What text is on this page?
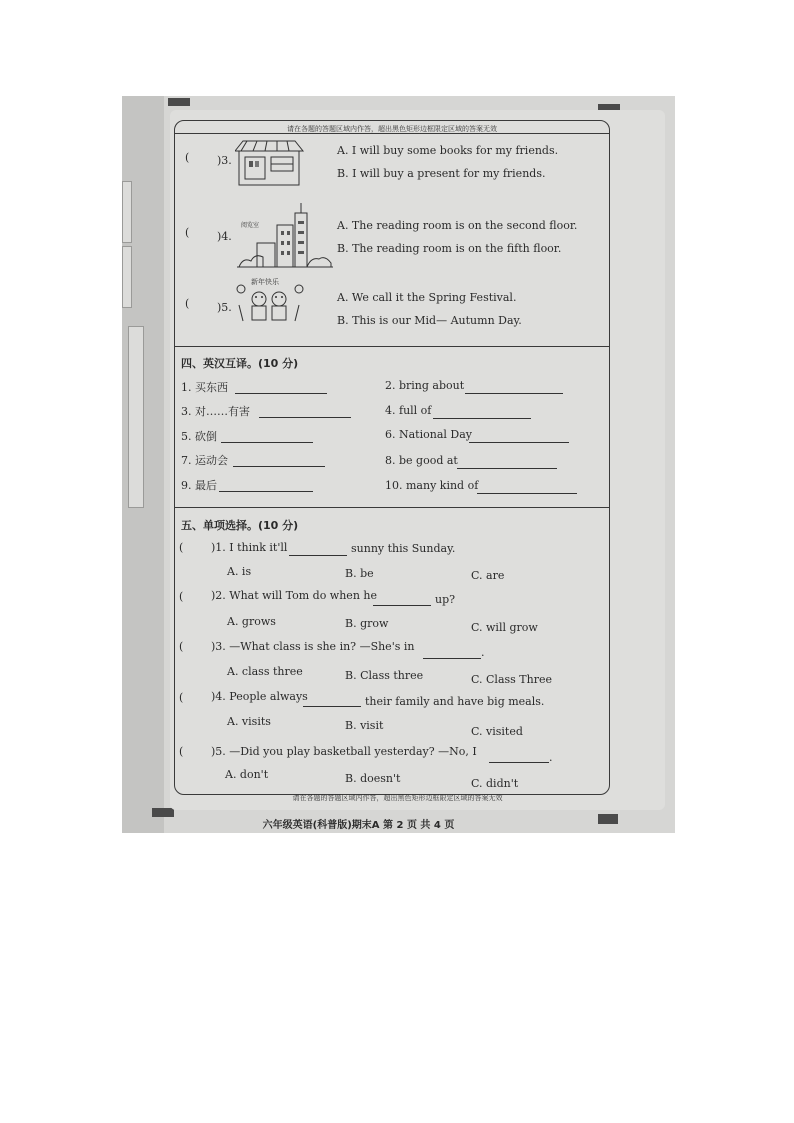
请在各题的答题区域内作答，超出黑色矩形边框限定区域的答案无效
(	)3.
A. I will buy some books for my friends.
B. I will buy a present for my friends.
(	)4.
阅览室	A. The reading room is on the second floor.
B. The reading room is on the fifth floor.
(	)5.
新年快乐
A. We call it the Spring Festival.
B. This is our Mid— Autumn Day.
四、英汉互译。(10 分)
1. 买东西	2. bring about
3. 对……有害	4. full of
5. 砍倒	6. National Day
7. 运动会	8. be good at
9. 最后	10. many kind of
五、单项选择。(10 分)
(	)1. I think it'll	sunny this Sunday.
A. is	B. be	C. are
(	)2. What will Tom do when he	up?
A. grows	B. grow	C. will grow
(	)3. —What class is she in? —She's in	.
A. class three	B. Class three	C. Class Three
(	)4. People always	their family and have big meals.
A. visits	B. visit	C. visited
(	)5. —Did you play basketball yesterday? —No, I	.
A. don't	B. doesn't	C. didn't
请在各题的答题区域内作答，超出黑色矩形边框限定区域的答案无效
六年级英语(科普版)期末A 第 2 页 共 4 页
